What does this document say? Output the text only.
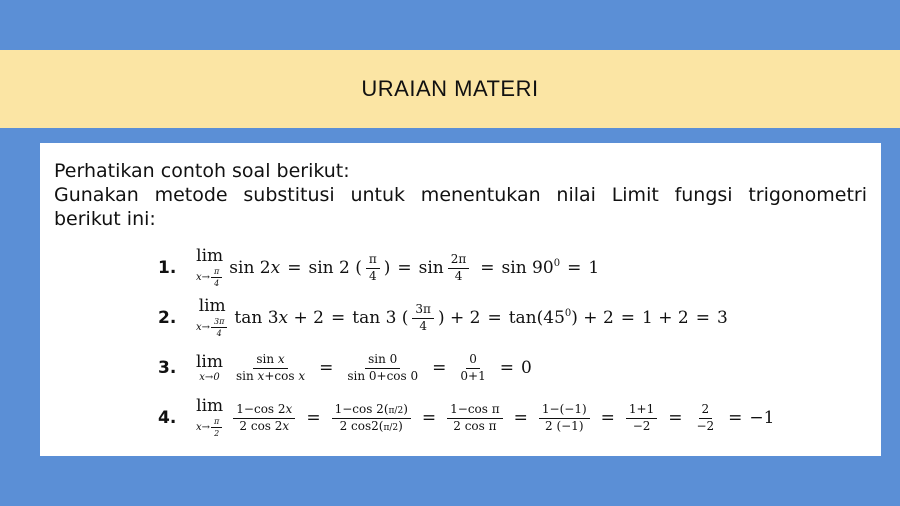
URAIAN MATERI

Perhatikan contoh soal berikut:

Gunakan metode substitusi untuk menentukan nilai Limit fungsi trigonometri

berikut ini:

1.
lim
$x\to \frac{\pi}{4}$ sin 2x = sin 2 ( $\frac{\pi}{4}$ ) = $\sin \frac{2\pi}{4} = \sin 90^0 = 1$
2.
lim
$x\to \frac{3\pi}{4}$ tan 3x + 2 = tan 3 ( $\frac{3\pi}{4}$ ) + $2 = \tan(45^0) + 2 = 1 + 2 = 3$
3.	lim
$x\to 0 \frac{\text{sin x}}{\text{sin x+cos x}} = \frac{\sin 0}{\sin 0+\cos 0} = \frac{0}{0+1} = 0$
4.
lim
$x\to \frac{\pi}{2} \frac{1-\cos 2x}{2 \cos 2x} = \frac{1-\cos 2(\pi/2)}{2 \cos 2(\pi/2)} = \frac{\text{1−cos π}}{\text{2 cos π}} = \frac{1-(-1)}{2 (-1)} = \frac{1+1}{-2} = \frac{2}{-2} = -1$
